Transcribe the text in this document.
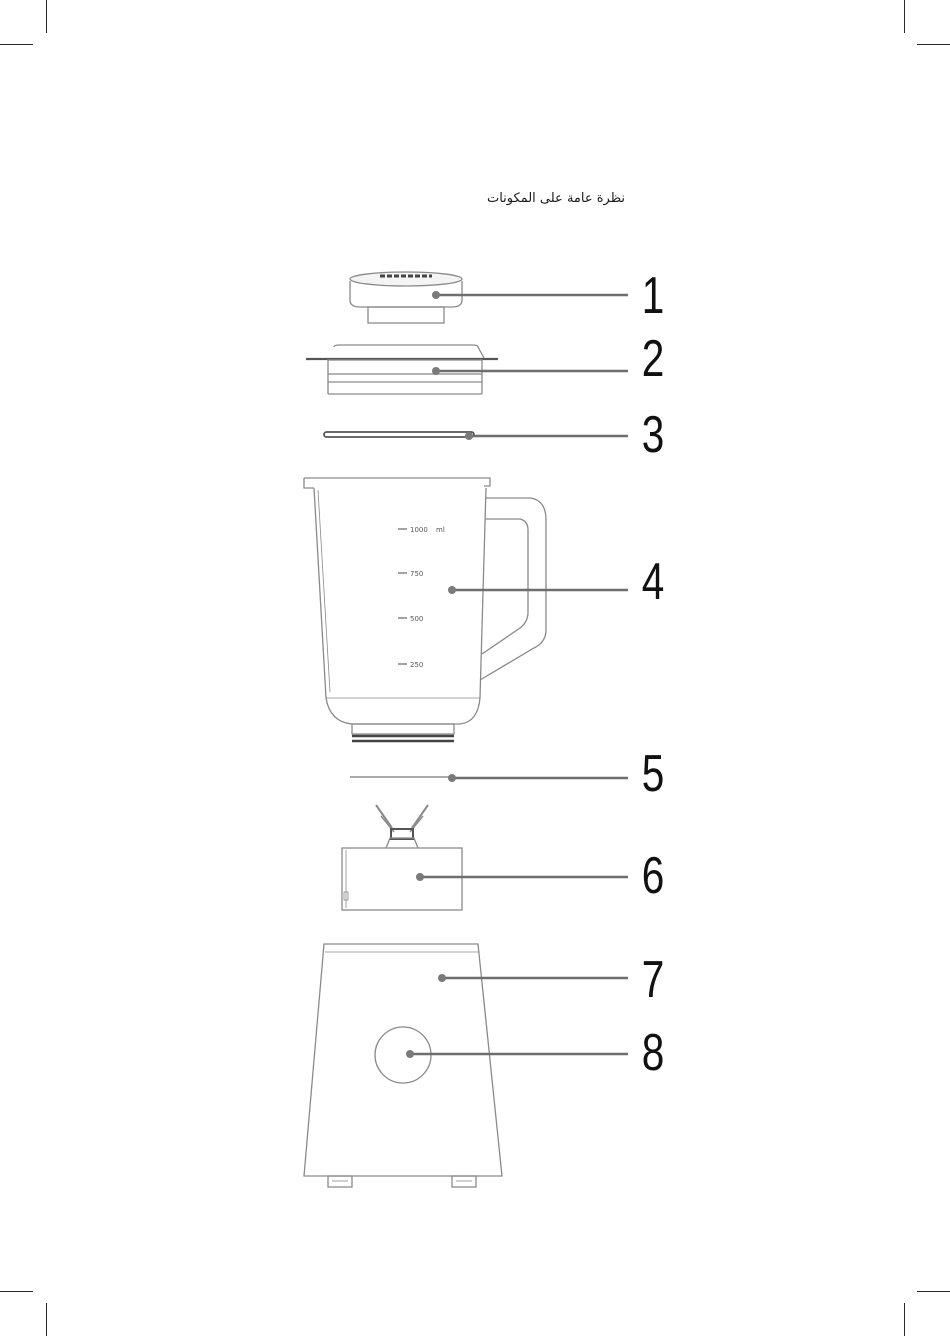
نظرة عامة على المكونات
1000 ml
750
500
250
1
2
3
4
5
6
7
8
